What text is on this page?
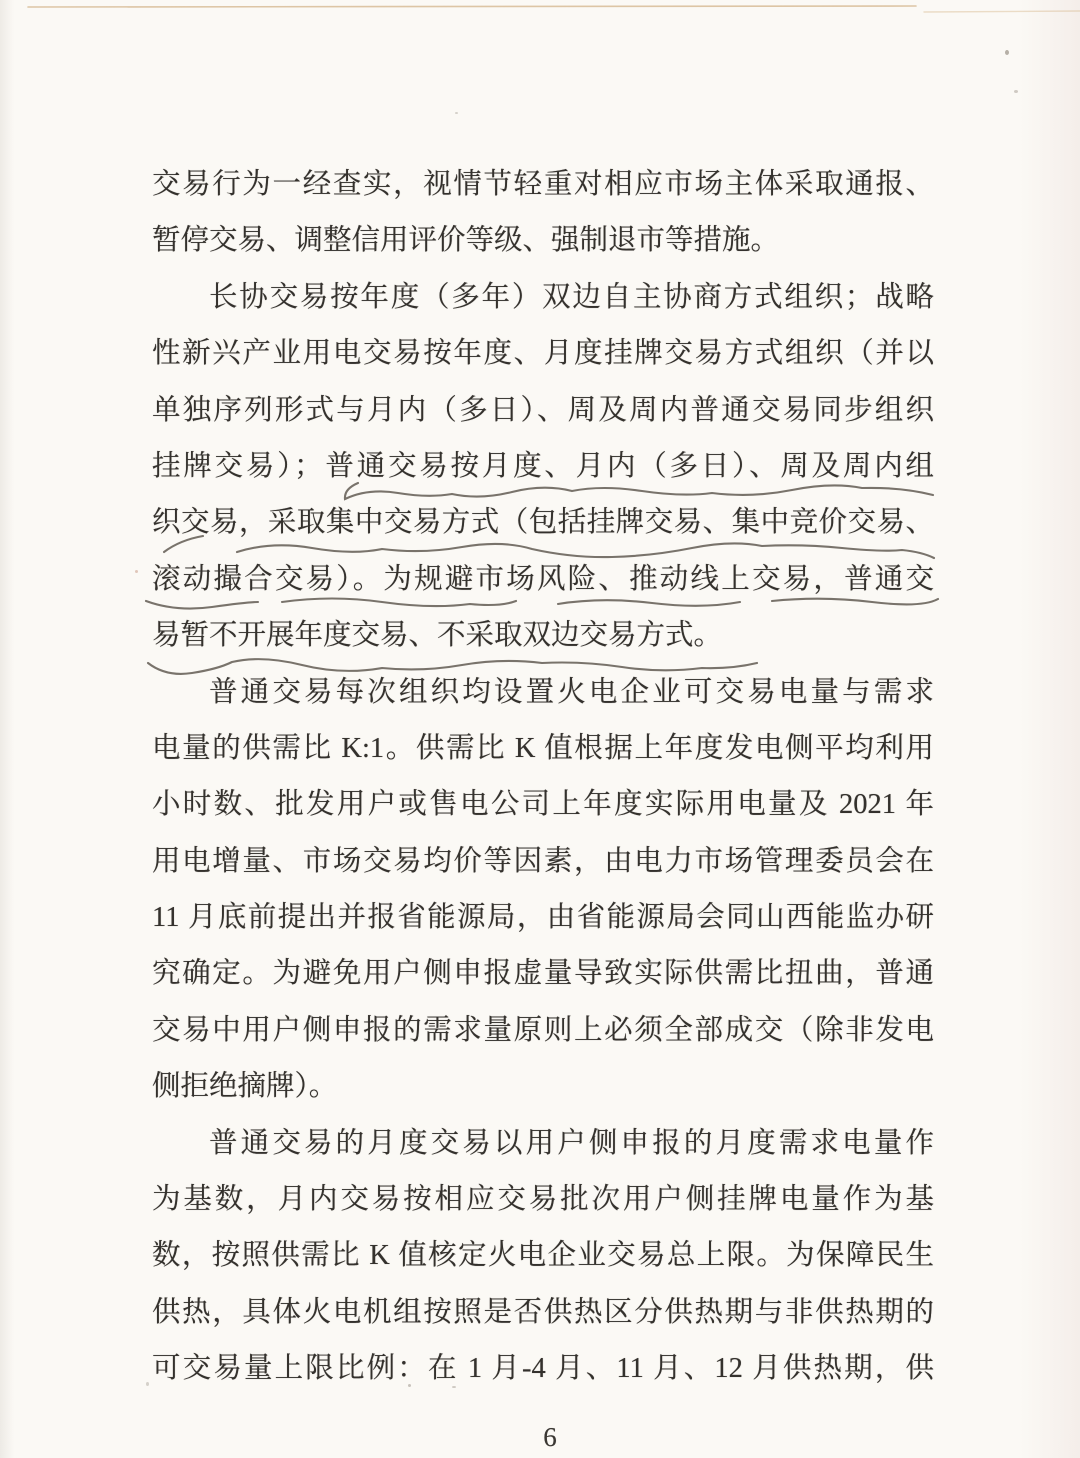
交易行为一经查实，视情节轻重对相应市场主体采取通报、
暂停交易、调整信用评价等级、强制退市等措施。
长协交易按年度（多年）双边自主协商方式组织；战略
性新兴产业用电交易按年度、月度挂牌交易方式组织（并以
单独序列形式与月内（多日）、周及周内普通交易同步组织
挂牌交易）；普通交易按月度、月内（多日）、周及周内组
织交易，采取集中交易方式（包括挂牌交易、集中竞价交易、
滚动撮合交易）。为规避市场风险、推动线上交易，普通交
易暂不开展年度交易、不采取双边交易方式。
普通交易每次组织均设置火电企业可交易电量与需求
电量的供需比 K:1。供需比 K 值根据上年度发电侧平均利用
小时数、批发用户或售电公司上年度实际用电量及 2021 年
用电增量、市场交易均价等因素，由电力市场管理委员会在
11 月底前提出并报省能源局，由省能源局会同山西能监办研
究确定。为避免用户侧申报虚量导致实际供需比扭曲，普通
交易中用户侧申报的需求量原则上必须全部成交（除非发电
侧拒绝摘牌）。
普通交易的月度交易以用户侧申报的月度需求电量作
为基数，月内交易按相应交易批次用户侧挂牌电量作为基
数，按照供需比 K 值核定火电企业交易总上限。为保障民生
供热，具体火电机组按照是否供热区分供热期与非供热期的
可交易量上限比例：在 1 月-4 月、11 月、12 月供热期，供
6
